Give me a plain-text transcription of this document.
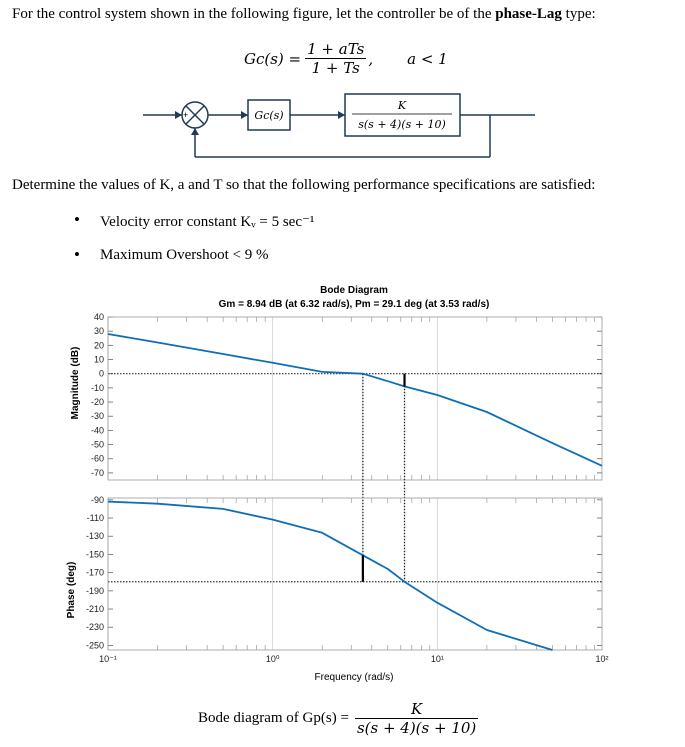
For the control system shown in the following figure, let the controller be of the phase-Lag type:
$Gc(s) = \frac{\text{1 + aTs}}{1 + Ts}$ , a < 1
+	Gc(s)
K
s(s + 4)(s + 10)
Determine the values of K, a and T so that the following performance specifications are satisfied:
• Velocity error constant Kᵥ = 5 sec⁻¹
• Maximum Overshoot < 9 %
Bode Diagram
Gm = 8.94 dB (at 6.32 rad/s), Pm = 29.1 deg (at 3.53 rad/s)
Magnitude (dB)
Phase (deg)
Frequency (rad/s)
40
30
20
10
0
-10
-20
-30
-40
-50
-60
-70
-90
-110
-130
-150
-170
-190
-210
-230
-250
10⁻¹	10⁰	10¹	10²
Bode diagram of $Gp(s) = \frac{K}{s(s + 4)(s + 10)}$
